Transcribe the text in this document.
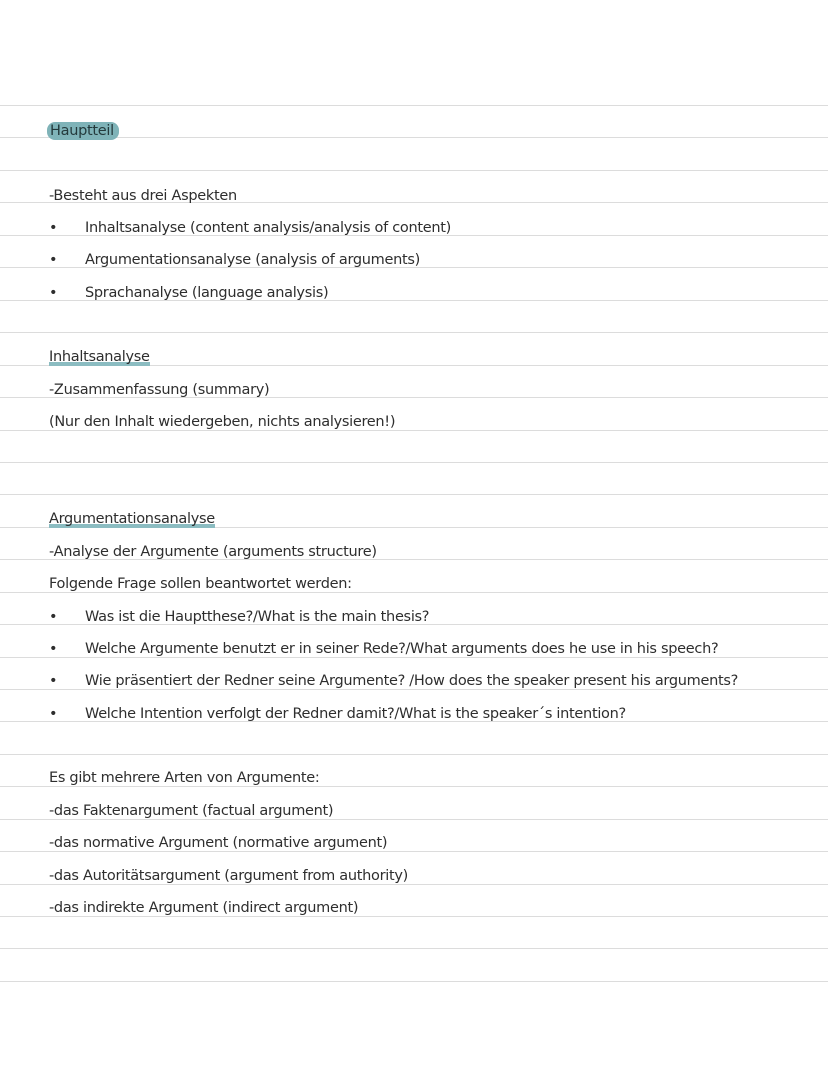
Hauptteil
-Besteht aus drei Aspekten
• Inhaltsanalyse (content analysis/analysis of content)
• Argumentationsanalyse (analysis of arguments)
• Sprachanalyse (language analysis)
Inhaltsanalyse
-Zusammenfassung (summary)
(Nur den Inhalt wiedergeben, nichts analysieren!)
Argumentationsanalyse
-Analyse der Argumente (arguments structure)
Folgende Frage sollen beantwortet werden:
• Was ist die Hauptthese?/What is the main thesis?
• Welche Argumente benutzt er in seiner Rede?/What arguments does he use in his speech?
• Wie präsentiert der Redner seine Argumente? /How does the speaker present his arguments?
• Welche Intention verfolgt der Redner damit?/What is the speaker´s intention?
Es gibt mehrere Arten von Argumente:
-das Faktenargument (factual argument)
-das normative Argument (normative argument)
-das Autoritätsargument (argument from authority)
-das indirekte Argument (indirect argument)
